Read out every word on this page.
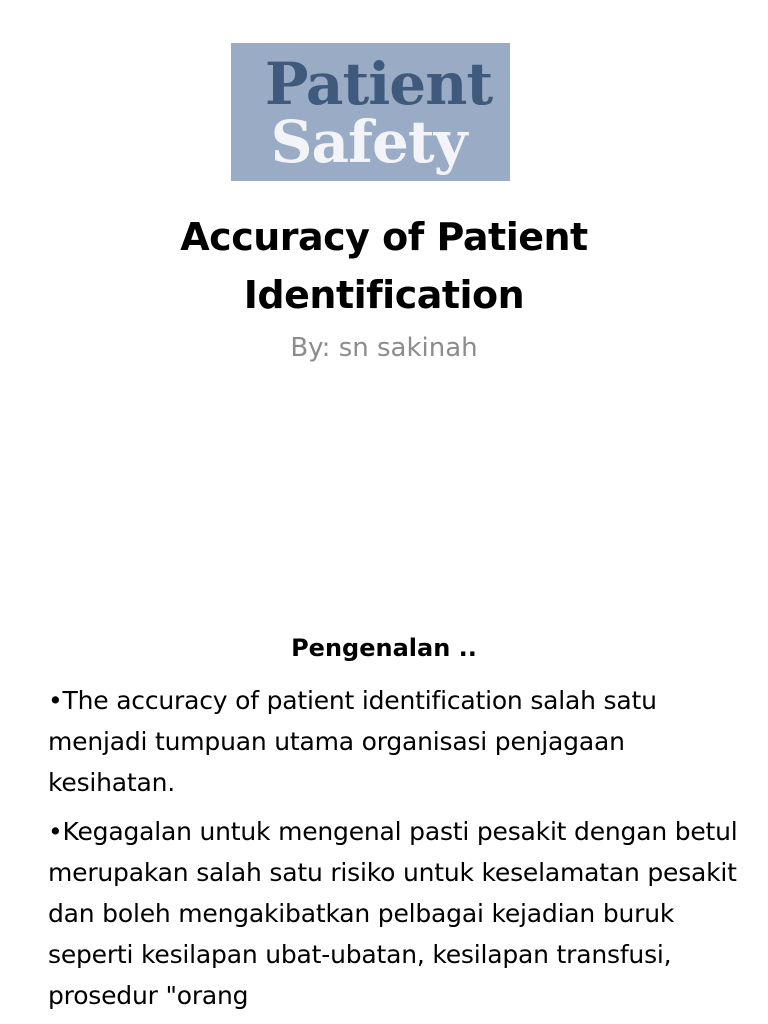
Patient
Safety
Accuracy of Patient
Identification
By: sn sakinah
Pengenalan ..
•The accuracy of patient identification salah satu menjadi tumpuan utama organisasi penjagaan kesihatan.
•Kegagalan untuk mengenal pasti pesakit dengan betul merupakan salah satu risiko untuk keselamatan pesakit dan boleh mengakibatkan pelbagai kejadian buruk seperti kesilapan ubat-ubatan, kesilapan transfusi, prosedur "orang
